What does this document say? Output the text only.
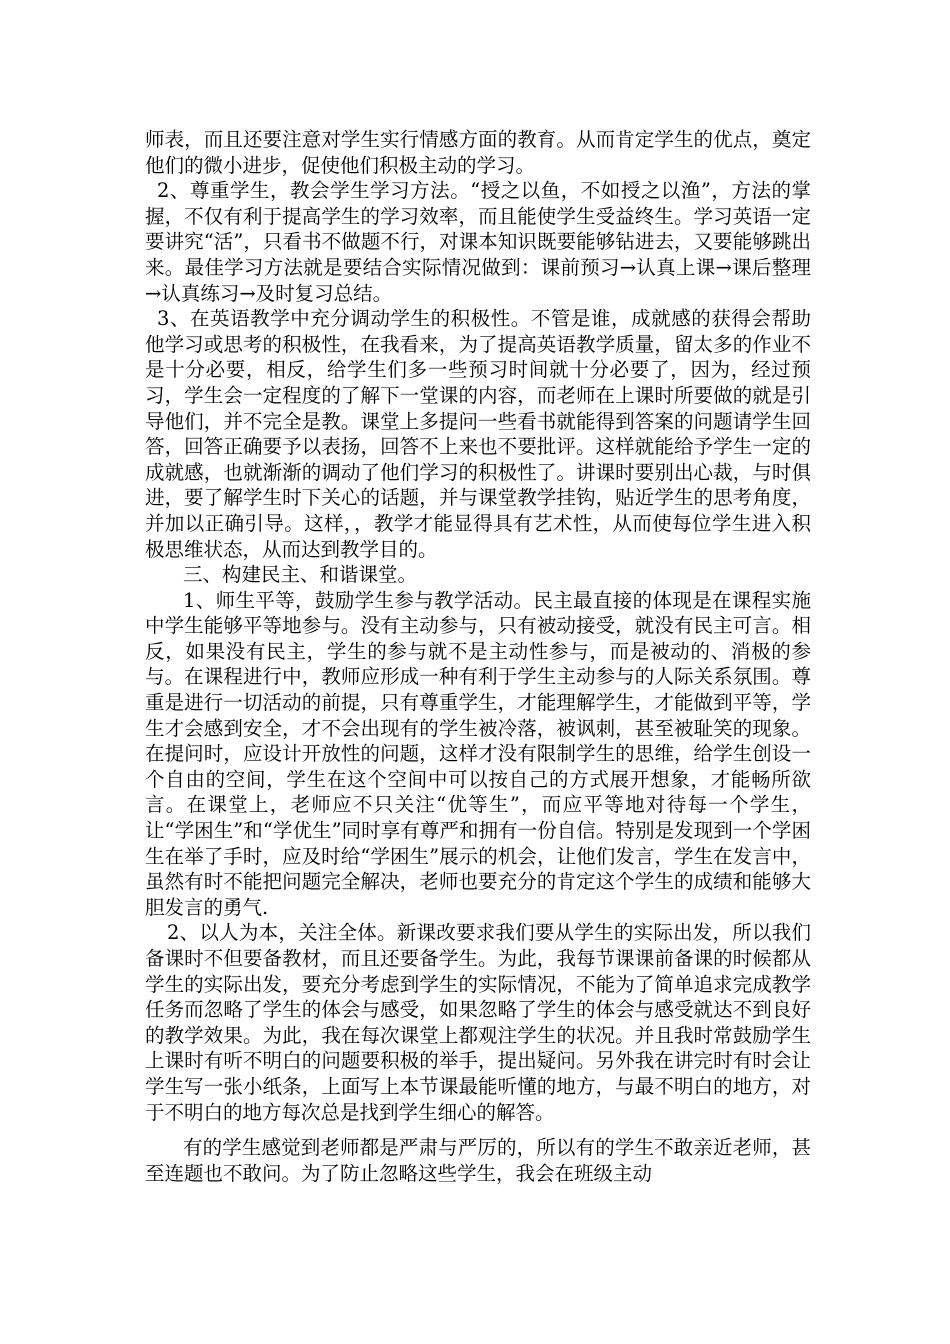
师表，而且还要注意对学生实行情感方面的教育。从而肯定学生的优点，奠定他们的微小进步，促使他们积极主动的学习。

2、尊重学生，教会学生学习方法。“授之以鱼，不如授之以渔”，方法的掌握，不仅有利于提高学生的学习效率，而且能使学生受益终生。学习英语一定要讲究“活”，只看书不做题不行，对课本知识既要能够钻进去，又要能够跳出来。最佳学习方法就是要结合实际情况做到：课前预习→认真上课→课后整理→认真练习→及时复习总结。

3、在英语教学中充分调动学生的积极性。不管是谁，成就感的获得会帮助他学习或思考的积极性，在我看来，为了提高英语教学质量，留太多的作业不是十分必要，相反，给学生们多一些预习时间就十分必要了，因为，经过预习，学生会一定程度的了解下一堂课的内容，而老师在上课时所要做的就是引导他们，并不完全是教。课堂上多提问一些看书就能得到答案的问题请学生回答，回答正确要予以表扬，回答不上来也不要批评。这样就能给予学生一定的成就感，也就渐渐的调动了他们学习的积极性了。讲课时要别出心裁，与时俱进，要了解学生时下关心的话题，并与课堂教学挂钩，贴近学生的思考角度，并加以正确引导。这样，，教学才能显得具有艺术性，从而使每位学生进入积极思维状态，从而达到教学目的。

三、构建民主、和谐课堂。

1、师生平等，鼓励学生参与教学活动。民主最直接的体现是在课程实施中学生能够平等地参与。没有主动参与，只有被动接受，就没有民主可言。相反，如果没有民主，学生的参与就不是主动性参与，而是被动的、消极的参与。在课程进行中，教师应形成一种有利于学生主动参与的人际关系氛围。尊重是进行一切活动的前提，只有尊重学生，才能理解学生，才能做到平等，学生才会感到安全，才不会出现有的学生被冷落，被讽刺，甚至被耻笑的现象。在提问时，应设计开放性的问题，这样才没有限制学生的思维，给学生创设一个自由的空间，学生在这个空间中可以按自己的方式展开想象，才能畅所欲言。在课堂上，老师应不只关注“优等生”，而应平等地对待每一个学生，让“学困生”和“学优生”同时享有尊严和拥有一份自信。特别是发现到一个学困生在举了手时，应及时给“学困生”展示的机会，让他们发言，学生在发言中，虽然有时不能把问题完全解决，老师也要充分的肯定这个学生的成绩和能够大胆发言的勇气.

2、以人为本，关注全体。新课改要求我们要从学生的实际出发，所以我们备课时不但要备教材，而且还要备学生。为此，我每节课课前备课的时候都从学生的实际出发，要充分考虑到学生的实际情况，不能为了简单追求完成教学任务而忽略了学生的体会与感受，如果忽略了学生的体会与感受就达不到良好的教学效果。为此，我在每次课堂上都观注学生的状况。并且我时常鼓励学生上课时有听不明白的问题要积极的举手，提出疑问。另外我在讲完时有时会让学生写一张小纸条，上面写上本节课最能听懂的地方，与最不明白的地方，对于不明白的地方每次总是找到学生细心的解答。

有的学生感觉到老师都是严肃与严厉的，所以有的学生不敢亲近老师，甚至连题也不敢问。为了防止忽略这些学生，我会在班级主动
